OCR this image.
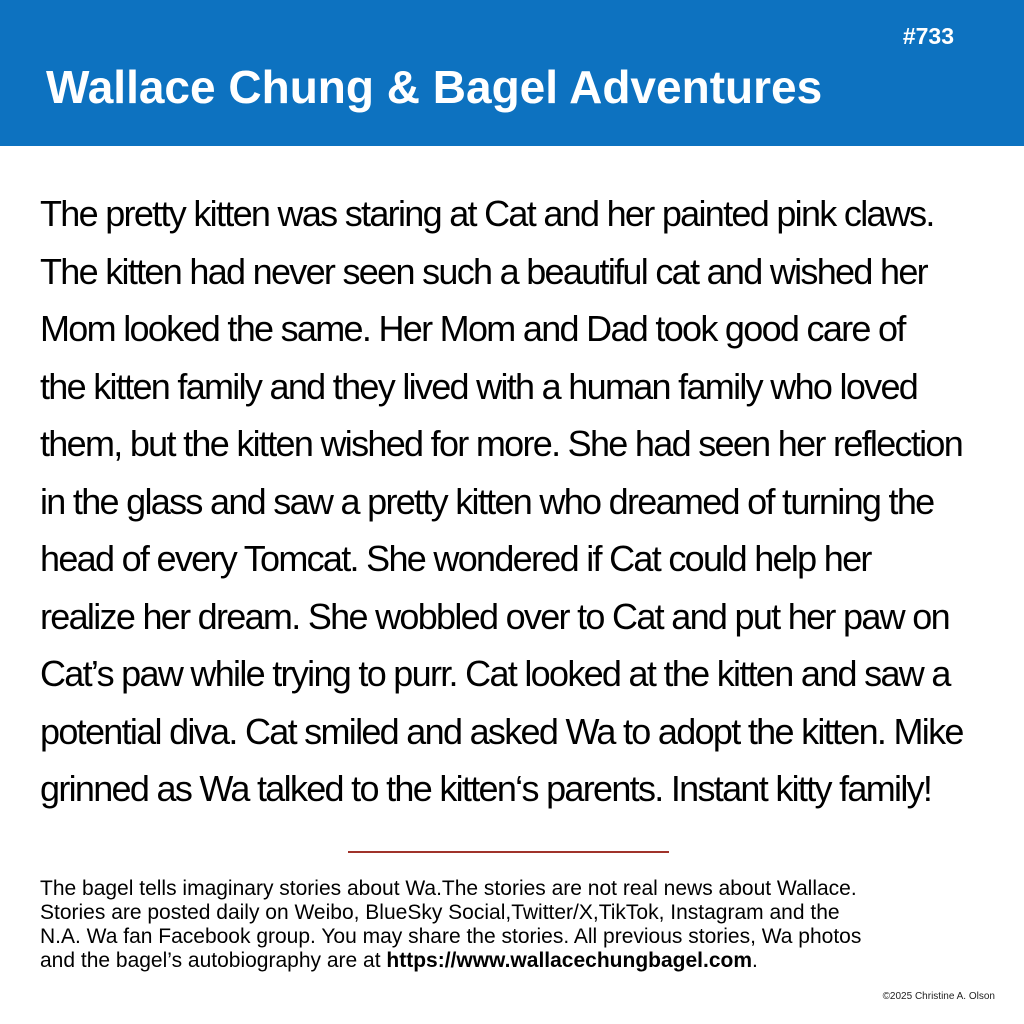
#733
Wallace Chung & Bagel Adventures
The pretty kitten was staring at Cat and her painted pink claws.
The kitten had never seen such a beautiful cat and wished her
Mom looked the same. Her Mom and Dad took good care of
the kitten family and they lived with a human family who loved
them, but the kitten wished for more. She had seen her reflection
in the glass and saw a pretty kitten who dreamed of turning the
head of every Tomcat. She wondered if Cat could help her
realize her dream. She wobbled over to Cat and put her paw on
Cat’s paw while trying to purr. Cat looked at the kitten and saw a
potential diva. Cat smiled and asked Wa to adopt the kitten. Mike
grinned as Wa talked to the kitten‘s parents. Instant kitty family!
The bagel tells imaginary stories about Wa.The stories are not real news about Wallace.
Stories are posted daily on Weibo, BlueSky Social,Twitter/X,TikTok, Instagram and the
N.A. Wa fan Facebook group. You may share the stories. All previous stories, Wa photos
and the bagel’s autobiography are at https://www.wallacechungbagel.com.
©2025 Christine A. Olson
